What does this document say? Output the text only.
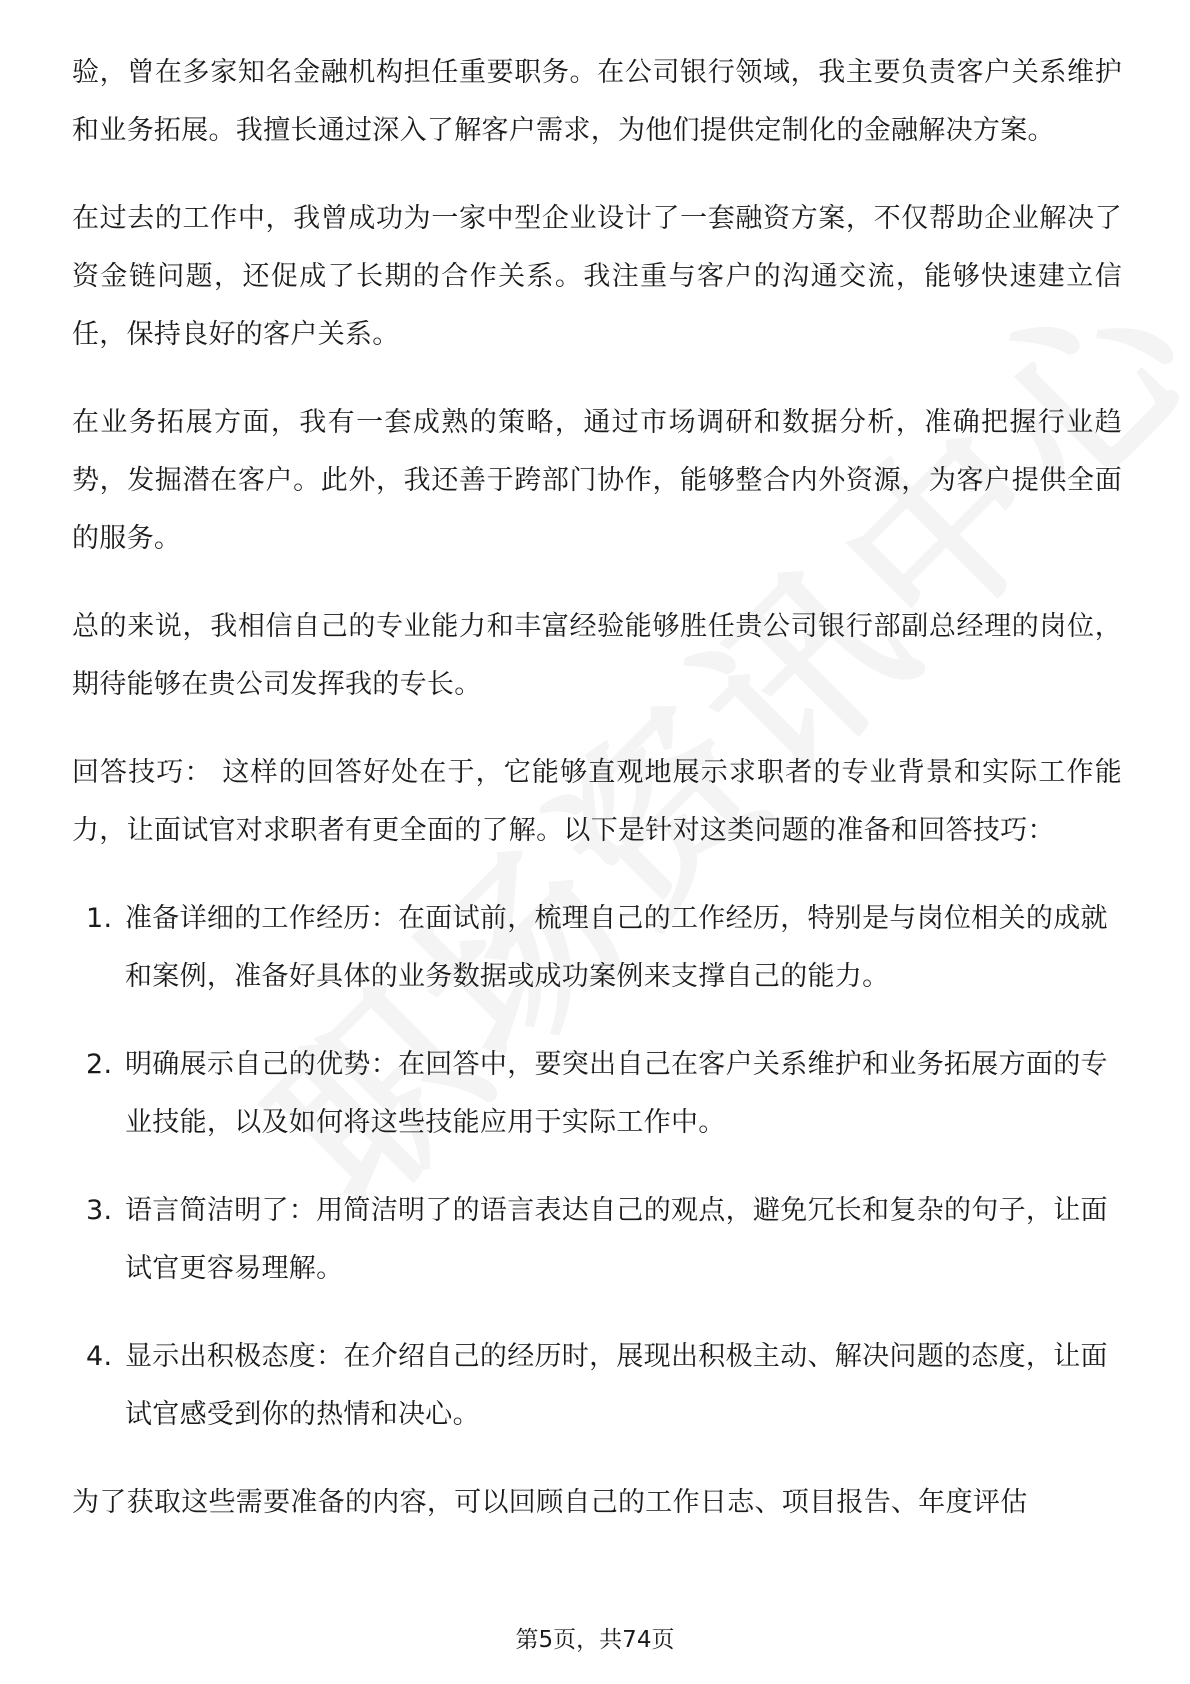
验，曾在多家知名金融机构担任重要职务。在公司银行领域，我主要负责客户关系维护和业务拓展。我擅长通过深入了解客户需求，为他们提供定制化的金融解决方案。

在过去的工作中，我曾成功为一家中型企业设计了一套融资方案，不仅帮助企业解决了资金链问题，还促成了长期的合作关系。我注重与客户的沟通交流，能够快速建立信任，保持良好的客户关系。

在业务拓展方面，我有一套成熟的策略，通过市场调研和数据分析，准确把握行业趋势，发掘潜在客户。此外，我还善于跨部门协作，能够整合内外资源，为客户提供全面的服务。

总的来说，我相信自己的专业能力和丰富经验能够胜任贵公司银行部副总经理的岗位，期待能够在贵公司发挥我的专长。

回答技巧： 这样的回答好处在于，它能够直观地展示求职者的专业背景和实际工作能力，让面试官对求职者有更全面的了解。以下是针对这类问题的准备和回答技巧：

1. 准备详细的工作经历：在面试前，梳理自己的工作经历，特别是与岗位相关的成就和案例，准备好具体的业务数据或成功案例来支撑自己的能力。
2. 明确展示自己的优势：在回答中，要突出自己在客户关系维护和业务拓展方面的专业技能，以及如何将这些技能应用于实际工作中。
3. 语言简洁明了：用简洁明了的语言表达自己的观点，避免冗长和复杂的句子，让面试官更容易理解。
4. 显示出积极态度：在介绍自己的经历时，展现出积极主动、解决问题的态度，让面试官感受到你的热情和决心。

为了获取这些需要准备的内容，可以回顾自己的工作日志、项目报告、年度评估

第5页，共74页
